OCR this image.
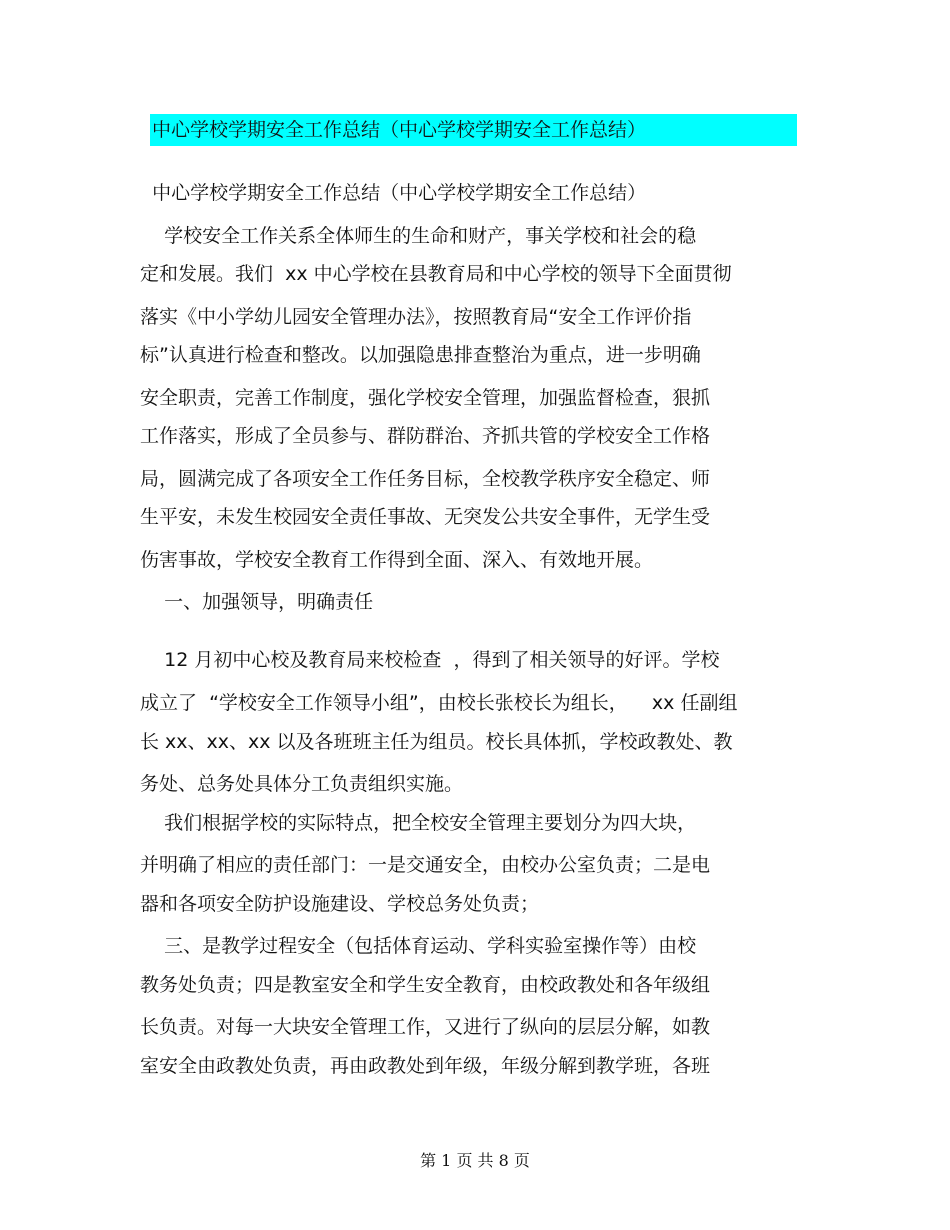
中心学校学期安全工作总结（中心学校学期安全工作总结）
中心学校学期安全工作总结（中心学校学期安全工作总结）
学校安全工作关系全体师生的生命和财产，事关学校和社会的稳
定和发展。我们  xx 中心学校在县教育局和中心学校的领导下全面贯彻
落实《中小学幼儿园安全管理办法》，按照教育局“安全工作评价指
标”认真进行检查和整改。以加强隐患排查整治为重点，进一步明确
安全职责，完善工作制度，强化学校安全管理，加强监督检查，狠抓
工作落实，形成了全员参与、群防群治、齐抓共管的学校安全工作格
局，圆满完成了各项安全工作任务目标，全校教学秩序安全稳定、师
生平安，未发生校园安全责任事故、无突发公共安全事件，无学生受
伤害事故，学校安全教育工作得到全面、深入、有效地开展。
一、加强领导，明确责任
12 月初中心校及教育局来校检查  ，得到了相关领导的好评。学校
成立了  “学校安全工作领导小组”，由校长张校长为组长，    xx 任副组
长 xx、xx、xx 以及各班班主任为组员。校长具体抓，学校政教处、教
务处、总务处具体分工负责组织实施。
我们根据学校的实际特点，把全校安全管理主要划分为四大块，
并明确了相应的责任部门：一是交通安全，由校办公室负责；二是电
器和各项安全防护设施建设、学校总务处负责；
三、是教学过程安全（包括体育运动、学科实验室操作等）由校
教务处负责；四是教室安全和学生安全教育，由校政教处和各年级组
长负责。对每一大块安全管理工作，又进行了纵向的层层分解，如教
室安全由政教处负责，再由政教处到年级，年级分解到教学班，各班
第 1 页 共 8 页
